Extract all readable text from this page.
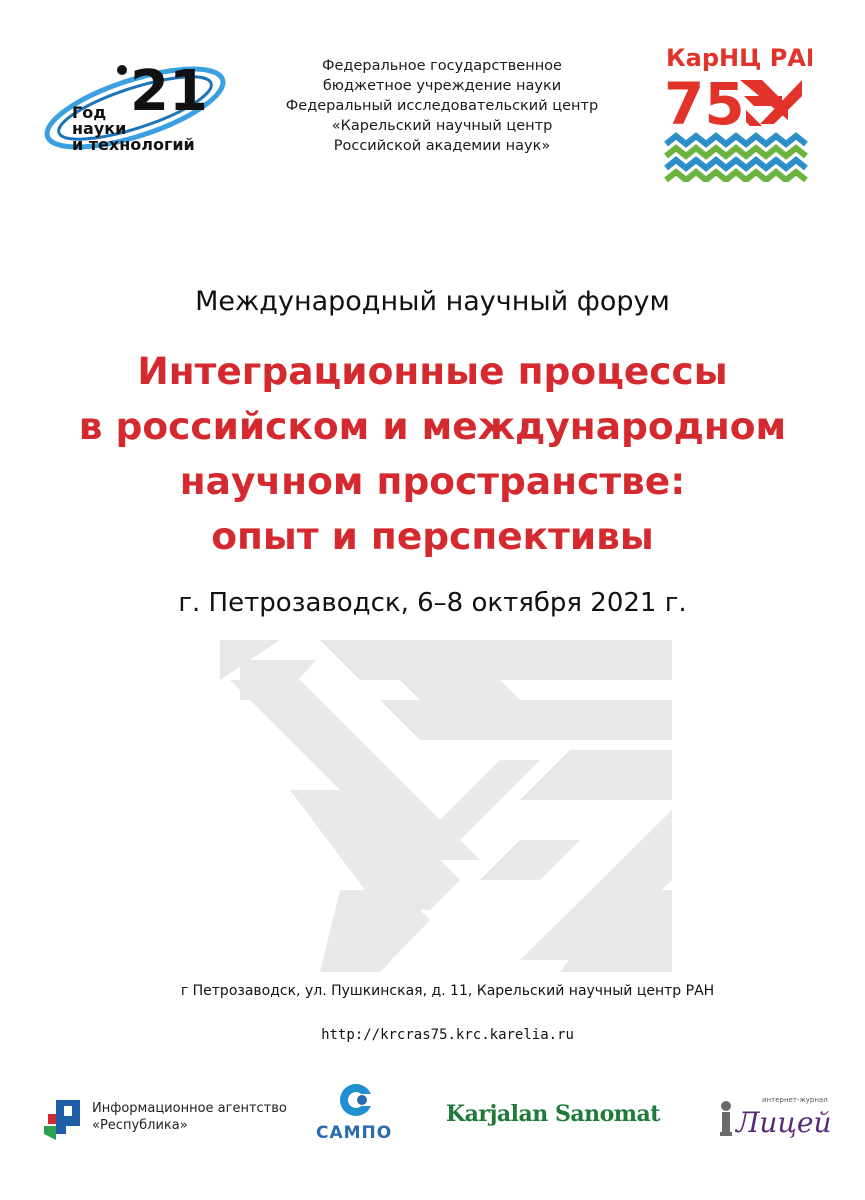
21
Год
науки
и технологий
Федеральное государственное
бюджетное учреждение науки
Федеральный исследовательский центр
«Карельский научный центр
Российской академии наук»
КарНЦ РАН
75
Международный научный форум
Интеграционные процессы
в российском и международном
научном пространстве:
опыт и перспективы
г. Петрозаводск, 6–8 октября 2021 г.
г Петрозаводск, ул. Пушкинская, д. 11, Карельский научный центр РАН
http://krcras75.krc.karelia.ru
Информационное агентство
«Республика»	САМПО
Karjalan Sanomat
интернет-журнал
Лицей
